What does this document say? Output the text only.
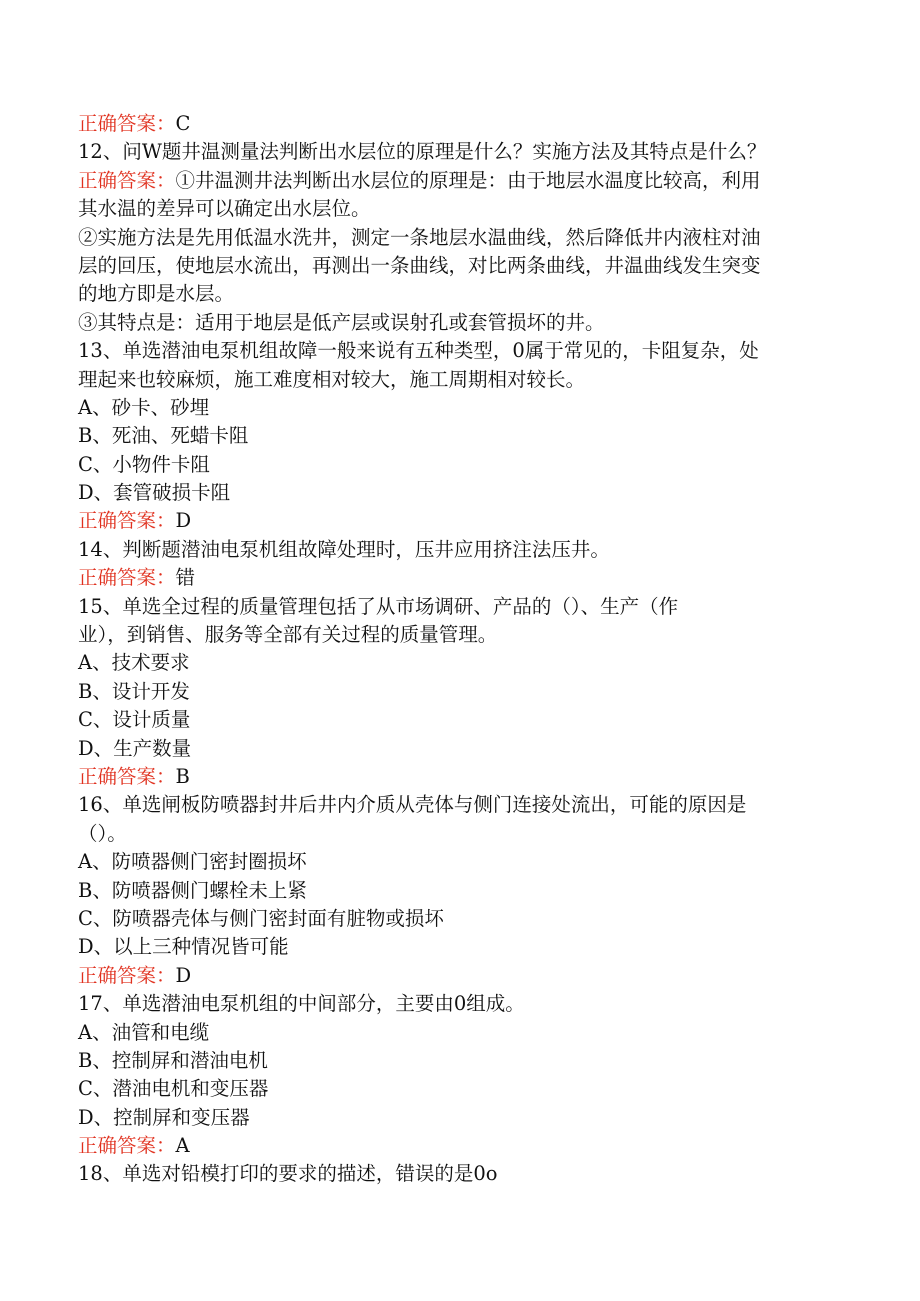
正确答案：C
12、问W题井温测量法判断出水层位的原理是什么？实施方法及其特点是什么？
正确答案：①井温测井法判断出水层位的原理是：由于地层水温度比较高，利用
其水温的差异可以确定出水层位。
②实施方法是先用低温水洗井，测定一条地层水温曲线，然后降低井内液柱对油
层的回压，使地层水流出，再测出一条曲线，对比两条曲线，井温曲线发生突变
的地方即是水层。
③其特点是：适用于地层是低产层或误射孔或套管损坏的井。
13、单选潜油电泵机组故障一般来说有五种类型，0属于常见的，卡阻复杂，处
理起来也较麻烦，施工难度相对较大，施工周期相对较长。
A、砂卡、砂埋
B、死油、死蜡卡阻
C、小物件卡阻
D、套管破损卡阻
正确答案：D
14、判断题潜油电泵机组故障处理时，压井应用挤注法压井。
正确答案：错
15、单选全过程的质量管理包括了从市场调研、产品的（）、生产（作
业），到销售、服务等全部有关过程的质量管理。
A、技术要求
B、设计开发
C、设计质量
D、生产数量
正确答案：B
16、单选闸板防喷器封井后井内介质从壳体与侧门连接处流出，可能的原因是
（）。
A、防喷器侧门密封圈损坏
B、防喷器侧门螺栓未上紧
C、防喷器壳体与侧门密封面有脏物或损坏
D、以上三种情况皆可能
正确答案：D
17、单选潜油电泵机组的中间部分，主要由0组成。
A、油管和电缆
B、控制屏和潜油电机
C、潜油电机和变压器
D、控制屏和变压器
正确答案：A
18、单选对铅模打印的要求的描述，错误的是0o
